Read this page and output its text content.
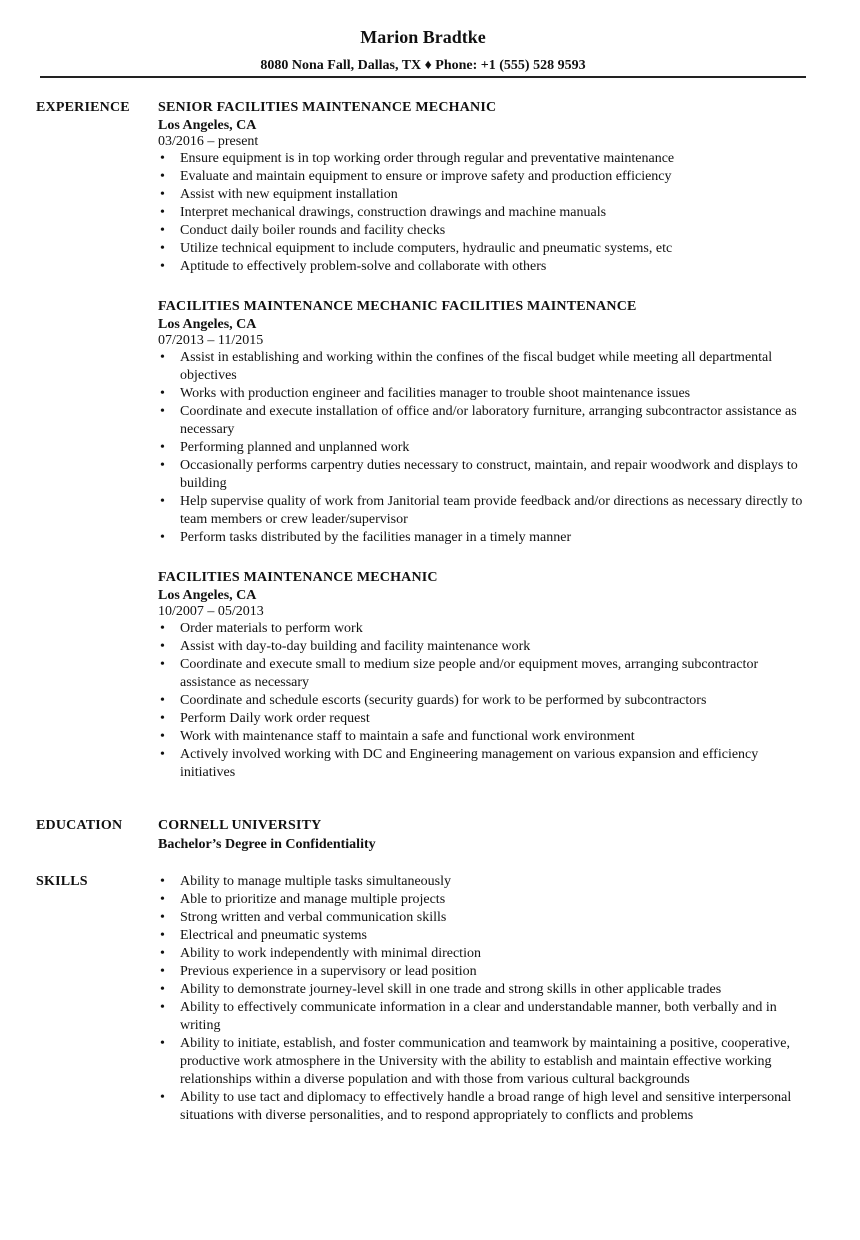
Marion Bradtke
8080 Nona Fall, Dallas, TX ♦ Phone: +1 (555) 528 9593
EXPERIENCE SENIOR FACILITIES MAINTENANCE MECHANIC
Los Angeles, CA
03/2016 – present
• Ensure equipment is in top working order through regular and preventative maintenance
• Evaluate and maintain equipment to ensure or improve safety and production efficiency
• Assist with new equipment installation
• Interpret mechanical drawings, construction drawings and machine manuals
• Conduct daily boiler rounds and facility checks
• Utilize technical equipment to include computers, hydraulic and pneumatic systems, etc
• Aptitude to effectively problem-solve and collaborate with others
FACILITIES MAINTENANCE MECHANIC FACILITIES MAINTENANCE
Los Angeles, CA
07/2013 – 11/2015
• Assist in establishing and working within the confines of the fiscal budget while meeting all departmental objectives
• Works with production engineer and facilities manager to trouble shoot maintenance issues
• Coordinate and execute installation of office and/or laboratory furniture, arranging subcontractor assistance as necessary
• Performing planned and unplanned work
• Occasionally performs carpentry duties necessary to construct, maintain, and repair woodwork and displays to building
• Help supervise quality of work from Janitorial team provide feedback and/or directions as necessary directly to team members or crew leader/supervisor
• Perform tasks distributed by the facilities manager in a timely manner
FACILITIES MAINTENANCE MECHANIC
Los Angeles, CA
10/2007 – 05/2013
• Order materials to perform work
• Assist with day-to-day building and facility maintenance work
• Coordinate and execute small to medium size people and/or equipment moves, arranging subcontractor assistance as necessary
• Coordinate and schedule escorts (security guards) for work to be performed by subcontractors
• Perform Daily work order request
• Work with maintenance staff to maintain a safe and functional work environment
• Actively involved working with DC and Engineering management on various expansion and efficiency initiatives
EDUCATION	CORNELL UNIVERSITY
Bachelor’s Degree in Confidentiality
SKILLS
•	Ability to manage multiple tasks simultaneously
• Able to prioritize and manage multiple projects
• Strong written and verbal communication skills
• Electrical and pneumatic systems
• Ability to work independently with minimal direction
• Previous experience in a supervisory or lead position
• Ability to demonstrate journey-level skill in one trade and strong skills in other applicable trades
• Ability to effectively communicate information in a clear and understandable manner, both verbally and in writing
• Ability to initiate, establish, and foster communication and teamwork by maintaining a positive, cooperative, productive work atmosphere in the University with the ability to establish and maintain effective working relationships within a diverse population and with those from various cultural backgrounds
• Ability to use tact and diplomacy to effectively handle a broad range of high level and sensitive interpersonal situations with diverse personalities, and to respond appropriately to conflicts and problems
